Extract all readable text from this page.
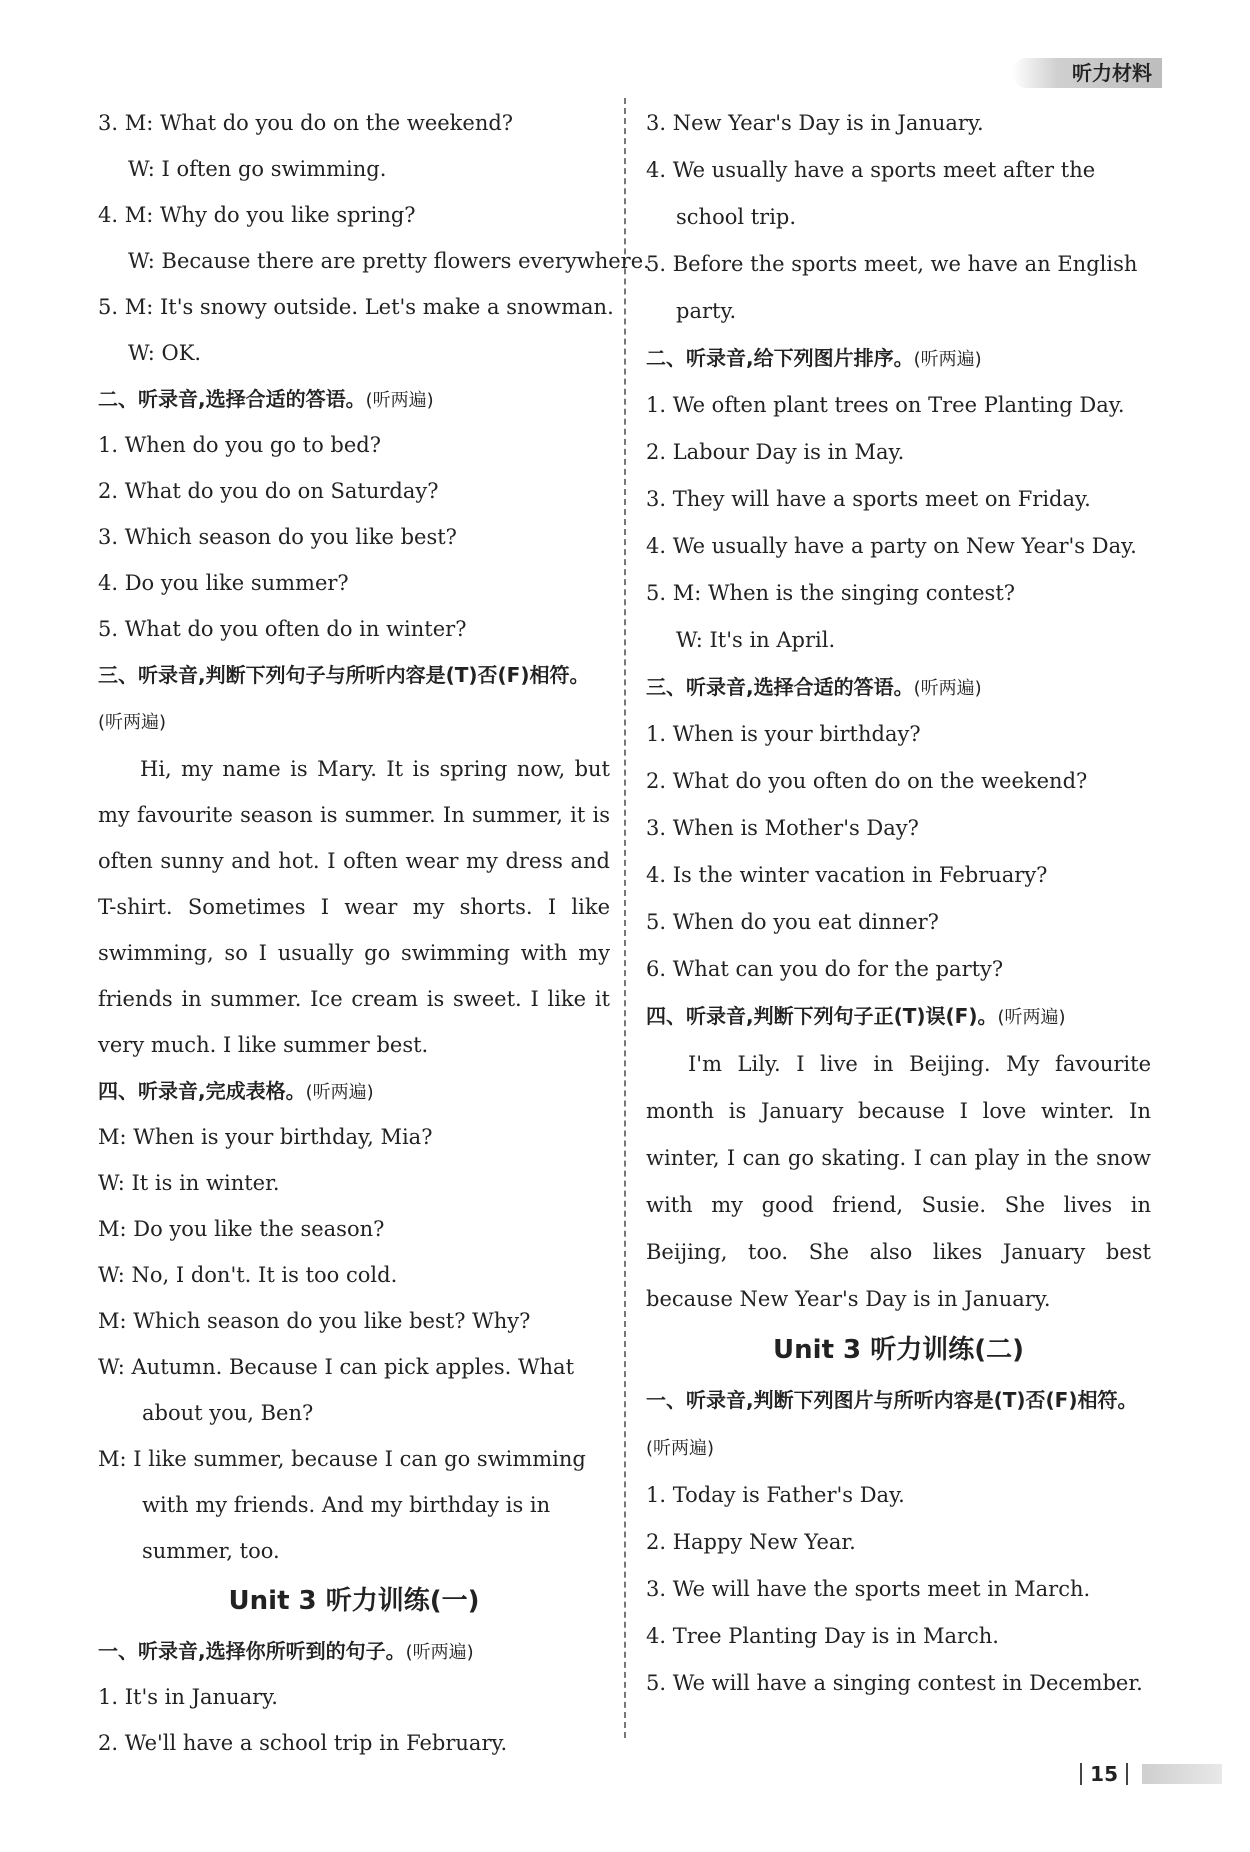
听力材料
3. M: What do you do on the weekend?
W: I often go swimming.
4. M: Why do you like spring?
W: Because there are pretty flowers everywhere.
5. M: It's snowy outside. Let's make a snowman.
W: OK.
二、听录音,选择合适的答语。(听两遍)
1. When do you go to bed?
2. What do you do on Saturday?
3. Which season do you like best?
4. Do you like summer?
5. What do you often do in winter?
三、听录音,判断下列句子与所听内容是(T)否(F)相符。(听两遍)
Hi, my name is Mary. It is spring now, but my favourite season is summer. In summer, it is often sunny and hot. I often wear my dress and T-shirt. Sometimes I wear my shorts. I like swimming, so I usually go swimming with my friends in summer. Ice cream is sweet. I like it very much. I like summer best.
四、听录音,完成表格。(听两遍)
M: When is your birthday, Mia?
W: It is in winter.
M: Do you like the season?
W: No, I don't. It is too cold.
M: Which season do you like best? Why?
W: Autumn. Because I can pick apples. What
about you, Ben?
M: I like summer, because I can go swimming
with my friends. And my birthday is in
summer, too.
Unit 3 听力训练(一)
一、听录音,选择你所听到的句子。(听两遍)
1. It's in January.
2. We'll have a school trip in February.
3. New Year's Day is in January.
4. We usually have a sports meet after the
school trip.
5. Before the sports meet, we have an English
party.
二、听录音,给下列图片排序。(听两遍)
1. We often plant trees on Tree Planting Day.
2. Labour Day is in May.
3. They will have a sports meet on Friday.
4. We usually have a party on New Year's Day.
5. M: When is the singing contest?
W: It's in April.
三、听录音,选择合适的答语。(听两遍)
1. When is your birthday?
2. What do you often do on the weekend?
3. When is Mother's Day?
4. Is the winter vacation in February?
5. When do you eat dinner?
6. What can you do for the party?
四、听录音,判断下列句子正(T)误(F)。(听两遍)
I'm Lily. I live in Beijing. My favourite month is January because I love winter. In winter, I can go skating. I can play in the snow with my good friend, Susie. She lives in Beijing, too. She also likes January best because New Year's Day is in January.
Unit 3 听力训练(二)
一、听录音,判断下列图片与所听内容是(T)否(F)相符。(听两遍)
1. Today is Father's Day.
2. Happy New Year.
3. We will have the sports meet in March.
4. Tree Planting Day is in March.
5. We will have a singing contest in December.
15
